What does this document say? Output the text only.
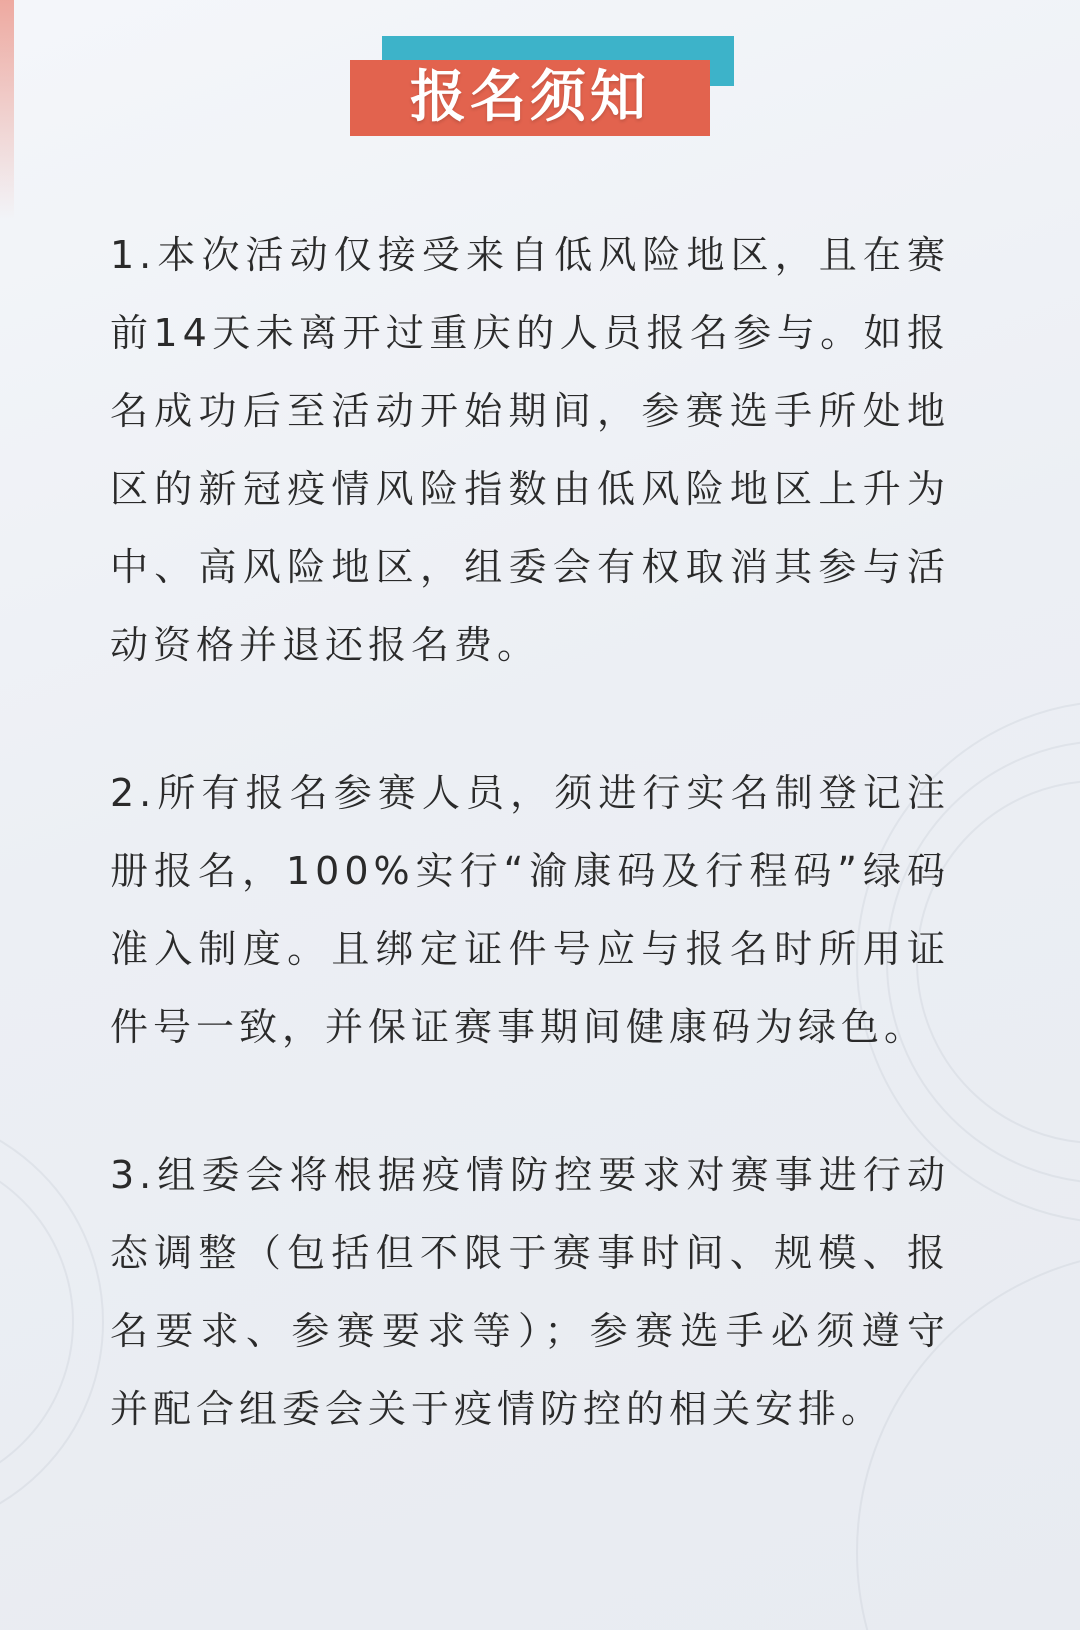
报名须知

1.本次活动仅接受来自低风险地区，且在赛前14天未离开过重庆的人员报名参与。如报名成功后至活动开始期间，参赛选手所处地区的新冠疫情风险指数由低风险地区上升为中、高风险地区，组委会有权取消其参与活动资格并退还报名费。

2.所有报名参赛人员，须进行实名制登记注册报名，100%实行“渝康码及行程码”绿码准入制度。且绑定证件号应与报名时所用证件号一致，并保证赛事期间健康码为绿色。

3.组委会将根据疫情防控要求对赛事进行动态调整（包括但不限于赛事时间、规模、报名要求、参赛要求等）；参赛选手必须遵守并配合组委会关于疫情防控的相关安排。
